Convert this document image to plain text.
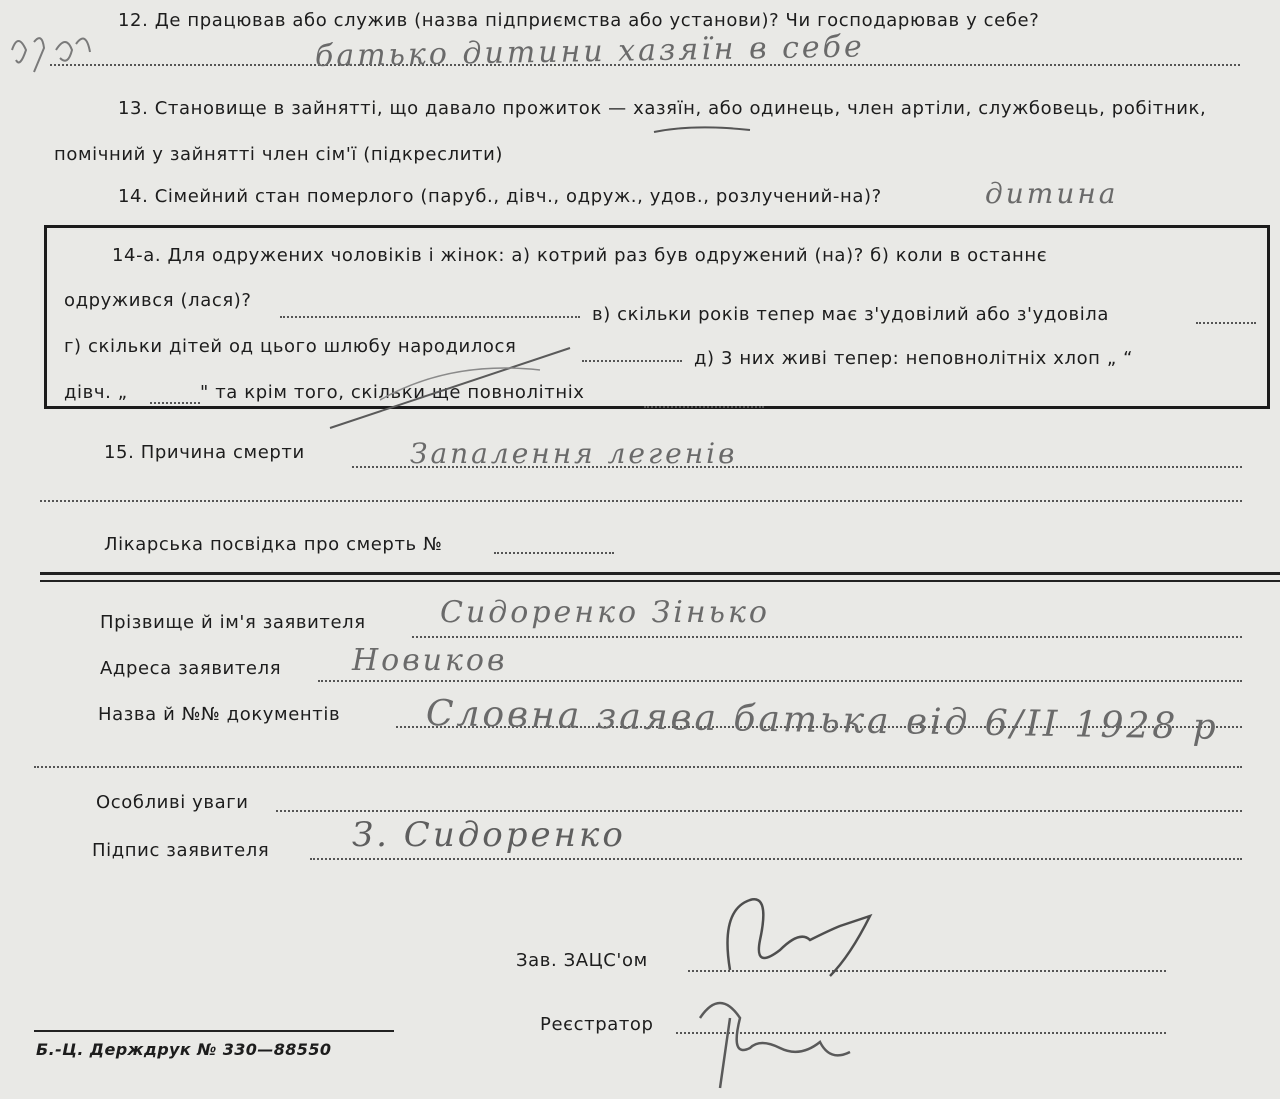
12. Де працював або служив (назва підприємства або установи)? Чи господарював у себе?
батько дитини хазяїн в себе
13. Становище в зайнятті, що давало прожиток — хазяїн, або одинець, член артіли, службовець, робітник,
помічний у зайнятті член сім'ї (підкреслити)
14. Сімейний стан померлого (паруб., дівч., одруж., удов., розлучений-на)?	дитина
14-а. Для одружених чоловіків і жінок: а) котрий раз був одружений (на)? б) коли в останнє
одружився (лася)?
в) скільки років тепер має з'удовілий або з'удовіла
г) скільки дітей од цього шлюбу народилося
д) 3 них живі тепер: неповнолітніх хлоп „ “
дівч. „	" та крім того, скільки ще повнолітніх
15. Причина смерти	Запалення легенів
Лікарська посвідка про смерть №
Прізвище й ім'я заявителя Сидоренко Зінько
Адреса заявителя Новиков
Назва й №№ документів Словна заява батька від 6/ІІ 1928 р
Особливі уваги
Підпис заявителя З. Сидоренко
Зав. ЗАЦС'ом
Реєстратор
Б.-Ц. Держдрук № 330—88550
